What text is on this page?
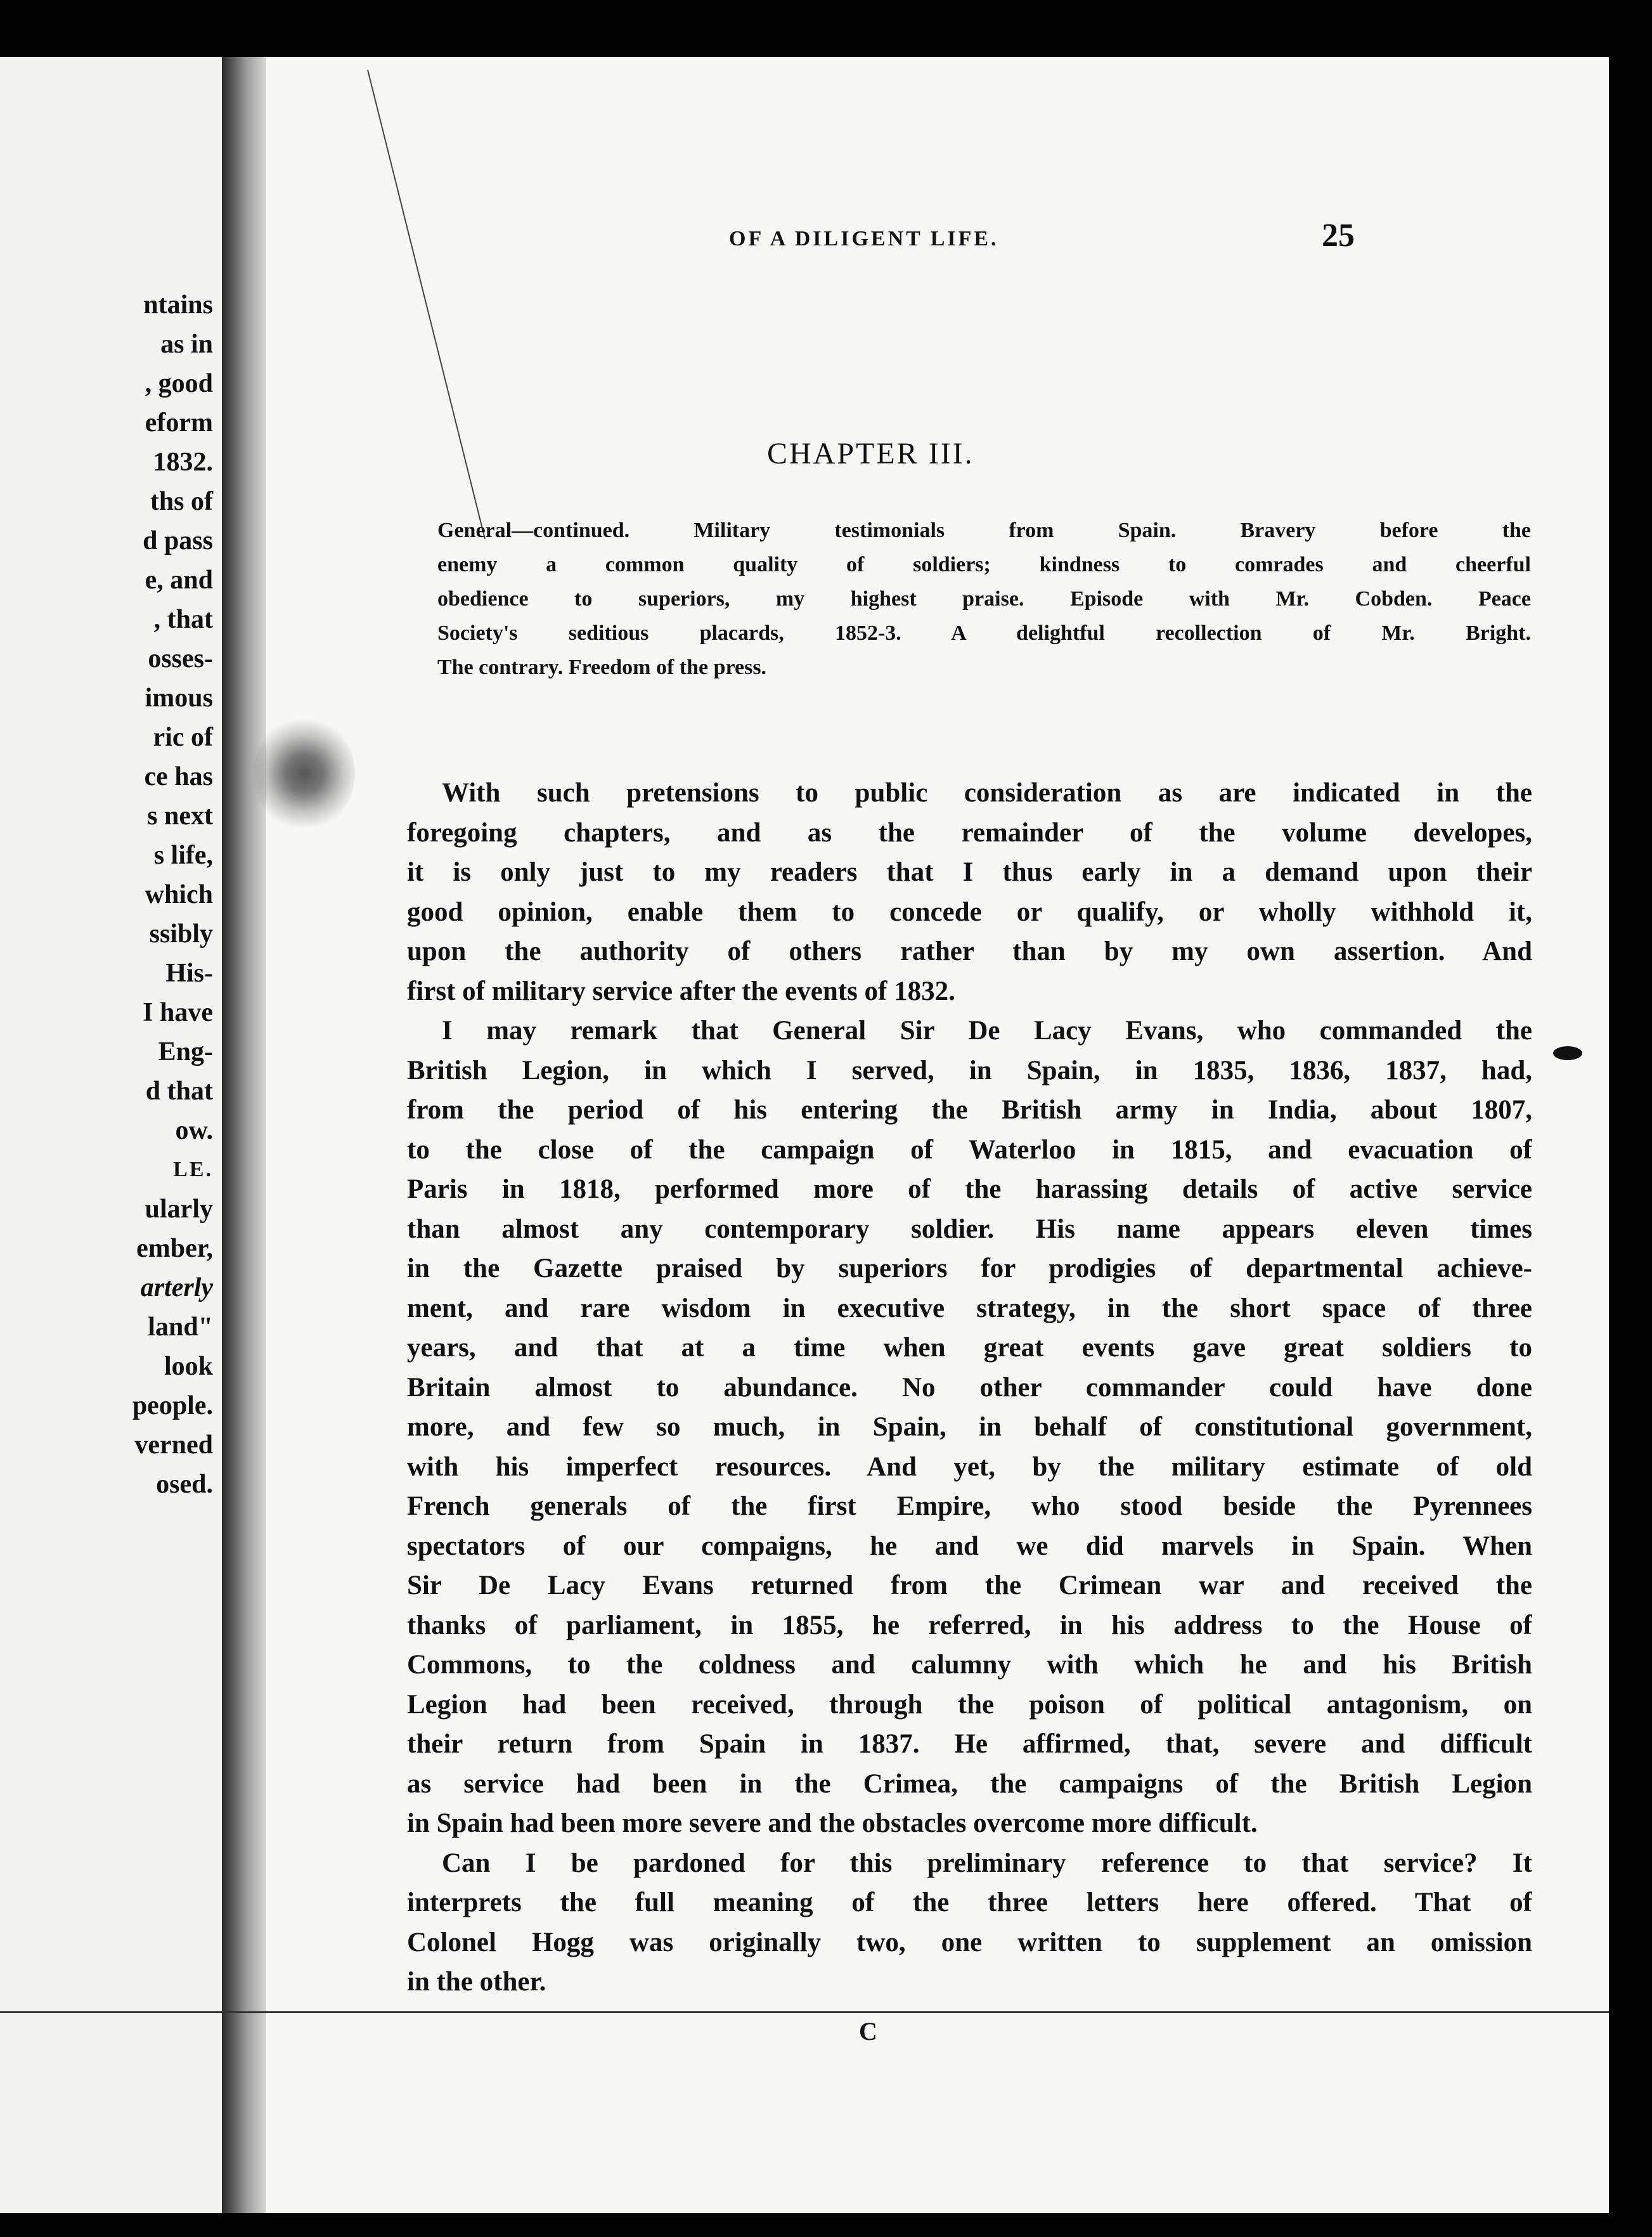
ntains
as in
, good
eform
1832.
ths of
d pass
e, and
, that
osses-
imous
ric of
ce has
s next
s life,
which
ssibly
His-
I have
Eng-
d that
ow.
LE.
ularly
ember,
arterly
land"
look
people.
verned
osed.
OF A DILIGENT LIFE.	25
CHAPTER III.
General—continued. Military testimonials from Spain. Bravery before the
enemy a common quality of soldiers; kindness to comrades and cheerful
obedience to superiors, my highest praise. Episode with Mr. Cobden. Peace
Society's seditious placards, 1852-3. A delightful recollection of Mr. Bright.
The contrary. Freedom of the press.
With such pretensions to public consideration as are indicated in the
foregoing chapters, and as the remainder of the volume developes,
it is only just to my readers that I thus early in a demand upon their
good opinion, enable them to concede or qualify, or wholly withhold it,
upon the authority of others rather than by my own assertion. And
first of military service after the events of 1832.
I may remark that General Sir De Lacy Evans, who commanded the
British Legion, in which I served, in Spain, in 1835, 1836, 1837, had,
from the period of his entering the British army in India, about 1807,
to the close of the campaign of Waterloo in 1815, and evacuation of
Paris in 1818, performed more of the harassing details of active service
than almost any contemporary soldier. His name appears eleven times
in the Gazette praised by superiors for prodigies of departmental achieve-
ment, and rare wisdom in executive strategy, in the short space of three
years, and that at a time when great events gave great soldiers to
Britain almost to abundance. No other commander could have done
more, and few so much, in Spain, in behalf of constitutional government,
with his imperfect resources. And yet, by the military estimate of old
French generals of the first Empire, who stood beside the Pyrennees
spectators of our compaigns, he and we did marvels in Spain. When
Sir De Lacy Evans returned from the Crimean war and received the
thanks of parliament, in 1855, he referred, in his address to the House of
Commons, to the coldness and calumny with which he and his British
Legion had been received, through the poison of political antagonism, on
their return from Spain in 1837. He affirmed, that, severe and difficult
as service had been in the Crimea, the campaigns of the British Legion
in Spain had been more severe and the obstacles overcome more difficult.
Can I be pardoned for this preliminary reference to that service? It
interprets the full meaning of the three letters here offered. That of
Colonel Hogg was originally two, one written to supplement an omission
in the other.
C
